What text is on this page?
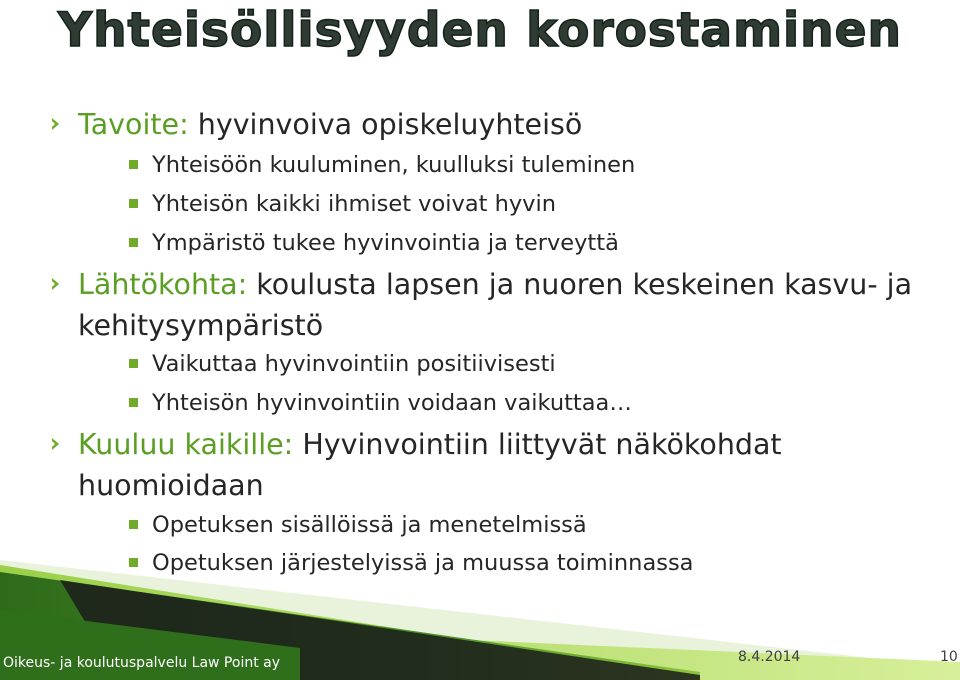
Yhteisöllisyyden korostaminen
Tavoite: hyvinvoiva opiskeluyhteisö
Yhteisöön kuuluminen, kuulluksi tuleminen
Yhteisön kaikki ihmiset voivat hyvin
Ympäristö tukee hyvinvointia ja terveyttä
Lähtökohta: koulusta lapsen ja nuoren keskeinen kasvu- ja kehitysympäristö
Vaikuttaa hyvinvointiin positiivisesti
Yhteisön hyvinvointiin voidaan vaikuttaa…
Kuuluu kaikille: Hyvinvointiin liittyvät näkökohdat huomioidaan
Opetuksen sisällöissä ja menetelmissä
Opetuksen järjestelyissä ja muussa toiminnassa
Oikeus- ja koulutuspalvelu Law Point ay	8.4.2014	10
